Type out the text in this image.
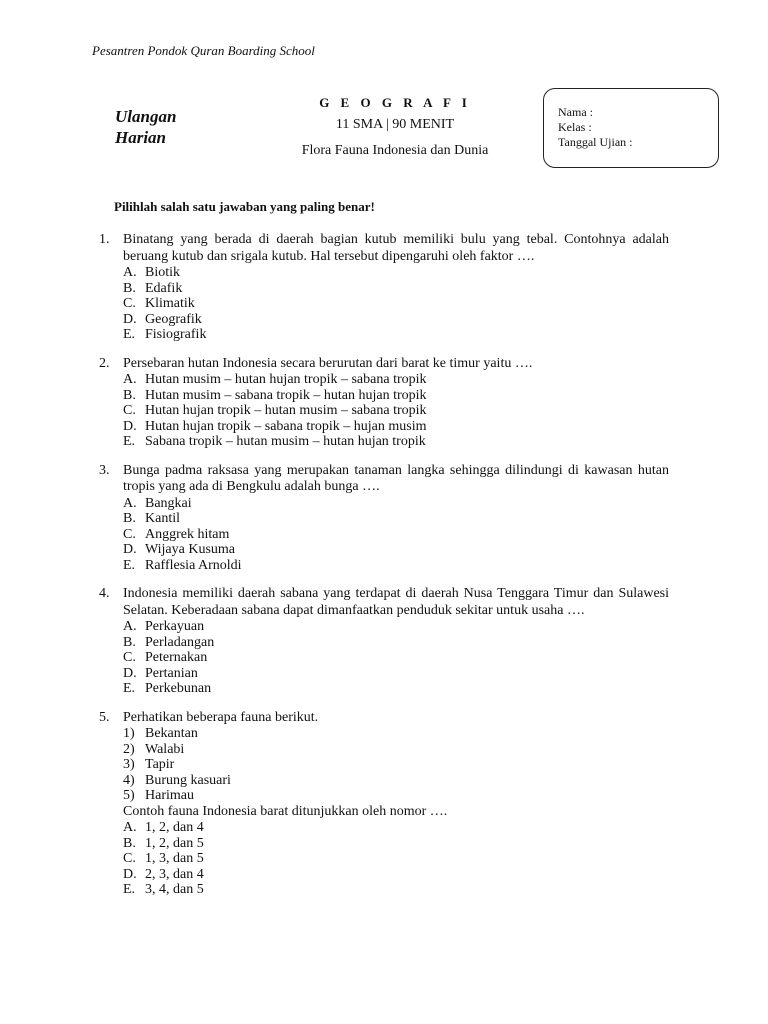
Pesantren Pondok Quran Boarding School
Ulangan
Harian
G E O G R A F I
11 SMA | 90 MENIT
Flora Fauna Indonesia dan Dunia
Nama :
Kelas :
Tanggal Ujian :
Pilihlah salah satu jawaban yang paling benar!
1. Binatang yang berada di daerah bagian kutub memiliki bulu yang tebal. Contohnya adalah beruang kutub dan srigala kutub. Hal tersebut dipengaruhi oleh faktor ….
A. Biotik
B. Edafik
C. Klimatik
D. Geografik
E. Fisiografik
2. Persebaran hutan Indonesia secara berurutan dari barat ke timur yaitu ….
A. Hutan musim – hutan hujan tropik – sabana tropik
B. Hutan musim – sabana tropik – hutan hujan tropik
C. Hutan hujan tropik – hutan musim – sabana tropik
D. Hutan hujan tropik – sabana tropik – hujan musim
E. Sabana tropik – hutan musim – hutan hujan tropik
3. Bunga padma raksasa yang merupakan tanaman langka sehingga dilindungi di kawasan hutan tropis yang ada di Bengkulu adalah bunga ….
A. Bangkai
B. Kantil
C. Anggrek hitam
D. Wijaya Kusuma
E. Rafflesia Arnoldi
4. Indonesia memiliki daerah sabana yang terdapat di daerah Nusa Tenggara Timur dan Sulawesi Selatan. Keberadaan sabana dapat dimanfaatkan penduduk sekitar untuk usaha ….
A. Perkayuan
B. Perladangan
C. Peternakan
D. Pertanian
E. Perkebunan
5. Perhatikan beberapa fauna berikut.
1) Bekantan
2) Walabi
3) Tapir
4) Burung kasuari
5) Harimau
Contoh fauna Indonesia barat ditunjukkan oleh nomor ….
A. 1, 2, dan 4
B. 1, 2, dan 5
C. 1, 3, dan 5
D. 2, 3, dan 4
E. 3, 4, dan 5
